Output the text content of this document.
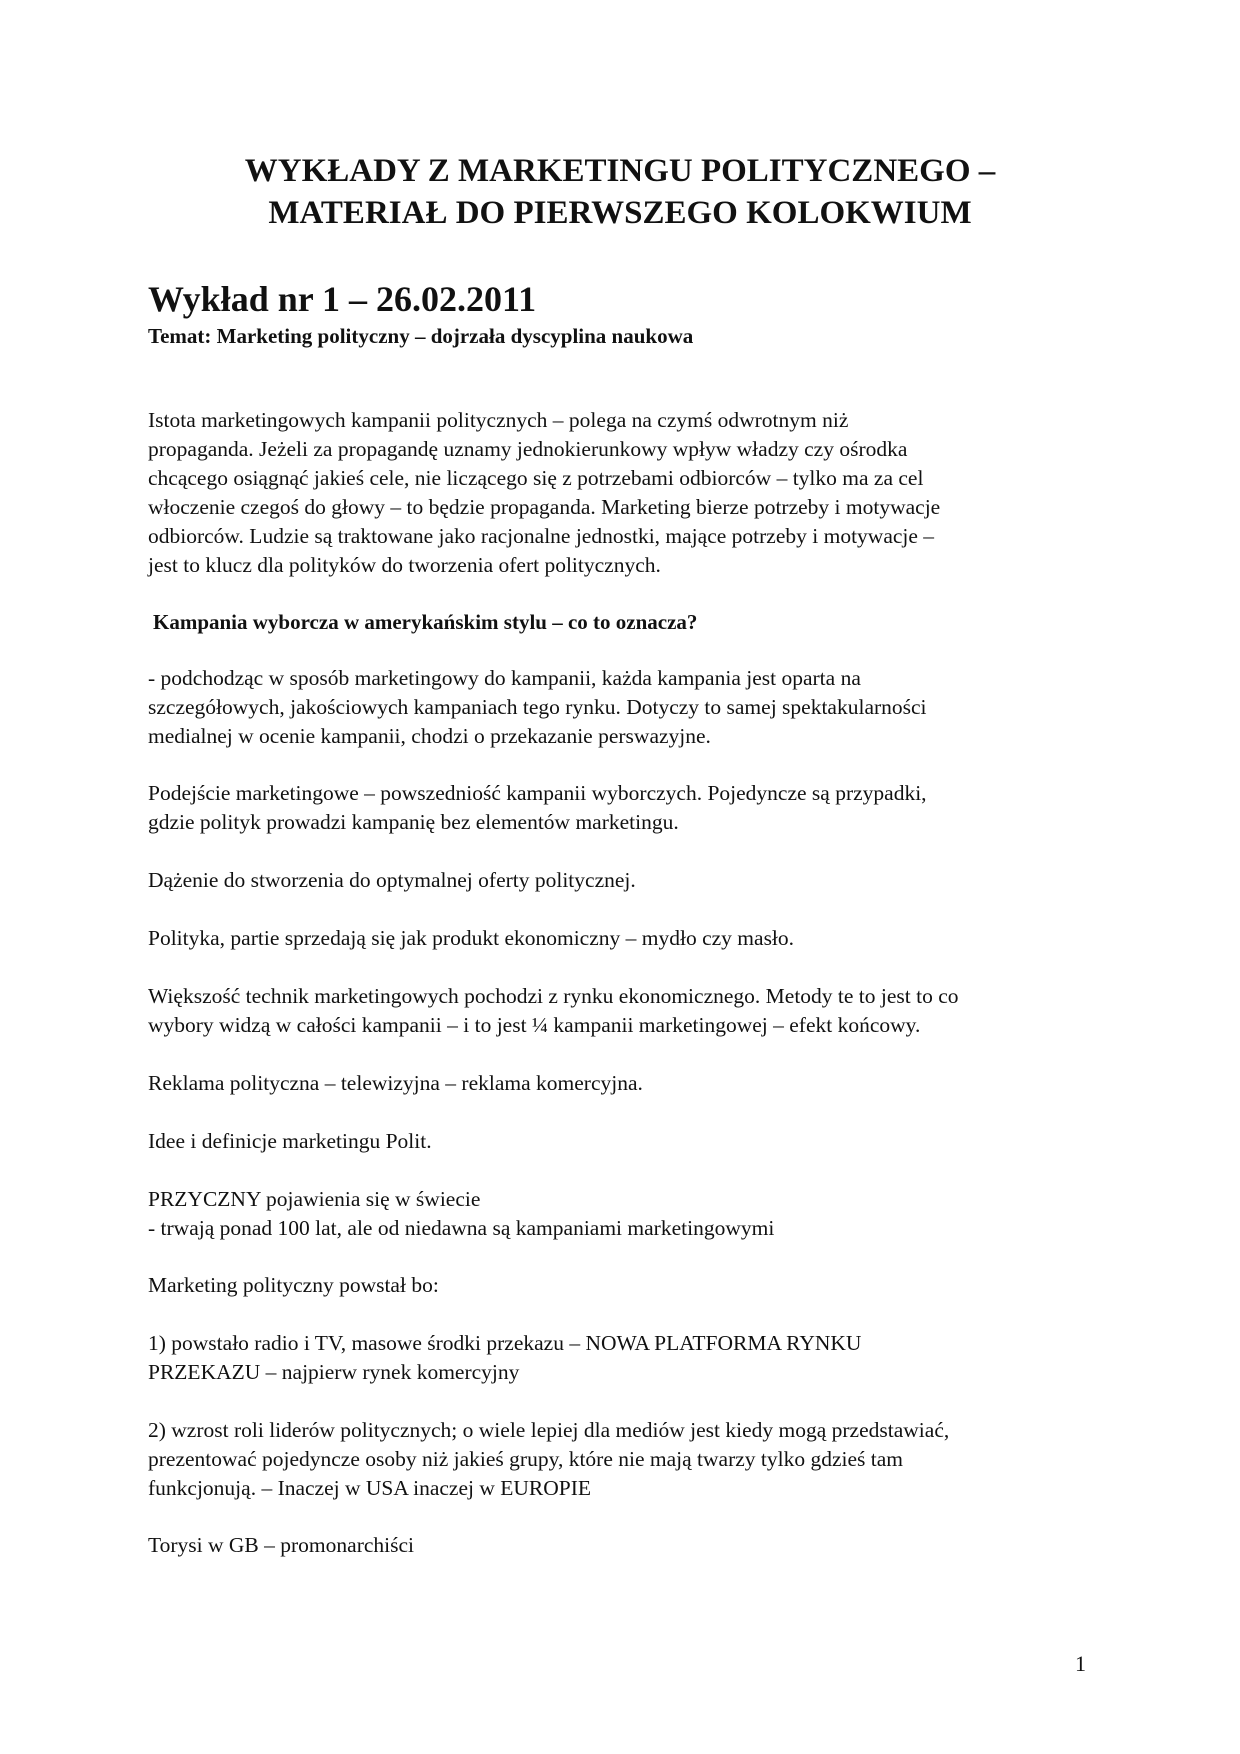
WYKŁADY Z MARKETINGU POLITYCZNEGO –
MATERIAŁ DO PIERWSZEGO KOLOKWIUM
Wykład nr 1 – 26.02.2011

Temat: Marketing polityczny – dojrzała dyscyplina naukowa

Istota marketingowych kampanii politycznych – polega na czymś odwrotnym niż
propaganda. Jeżeli za propagandę uznamy jednokierunkowy wpływ władzy czy ośrodka
chcącego osiągnąć jakieś cele, nie liczącego się z potrzebami odbiorców – tylko ma za cel
włoczenie czegoś do głowy – to będzie propaganda. Marketing bierze potrzeby i motywacje
odbiorców. Ludzie są traktowane jako racjonalne jednostki, mające potrzeby i motywacje –
jest to klucz dla polityków do tworzenia ofert politycznych.

Kampania wyborcza w amerykańskim stylu – co to oznacza?

- podchodząc w sposób marketingowy do kampanii, każda kampania jest oparta na
szczegółowych, jakościowych kampaniach tego rynku. Dotyczy to samej spektakularności
medialnej w ocenie kampanii, chodzi o przekazanie perswazyjne.

Podejście marketingowe – powszedniość kampanii wyborczych. Pojedyncze są przypadki,
gdzie polityk prowadzi kampanię bez elementów marketingu.

Dążenie do stworzenia do optymalnej oferty politycznej.

Polityka, partie sprzedają się jak produkt ekonomiczny – mydło czy masło.

Większość technik marketingowych pochodzi z rynku ekonomicznego. Metody te to jest to co
wybory widzą w całości kampanii – i to jest ¼ kampanii marketingowej – efekt końcowy.

Reklama polityczna – telewizyjna – reklama komercyjna.

Idee i definicje marketingu Polit.

PRZYCZNY pojawienia się w świecie
- trwają ponad 100 lat, ale od niedawna są kampaniami marketingowymi

Marketing polityczny powstał bo:

1) powstało radio i TV, masowe środki przekazu – NOWA PLATFORMA RYNKU
PRZEKAZU – najpierw rynek komercyjny

2) wzrost roli liderów politycznych; o wiele lepiej dla mediów jest kiedy mogą przedstawiać,
prezentować pojedyncze osoby niż jakieś grupy, które nie mają twarzy tylko gdzieś tam
funkcjonują. – Inaczej w USA inaczej w EUROPIE

Torysi w GB – promonarchiści

1
